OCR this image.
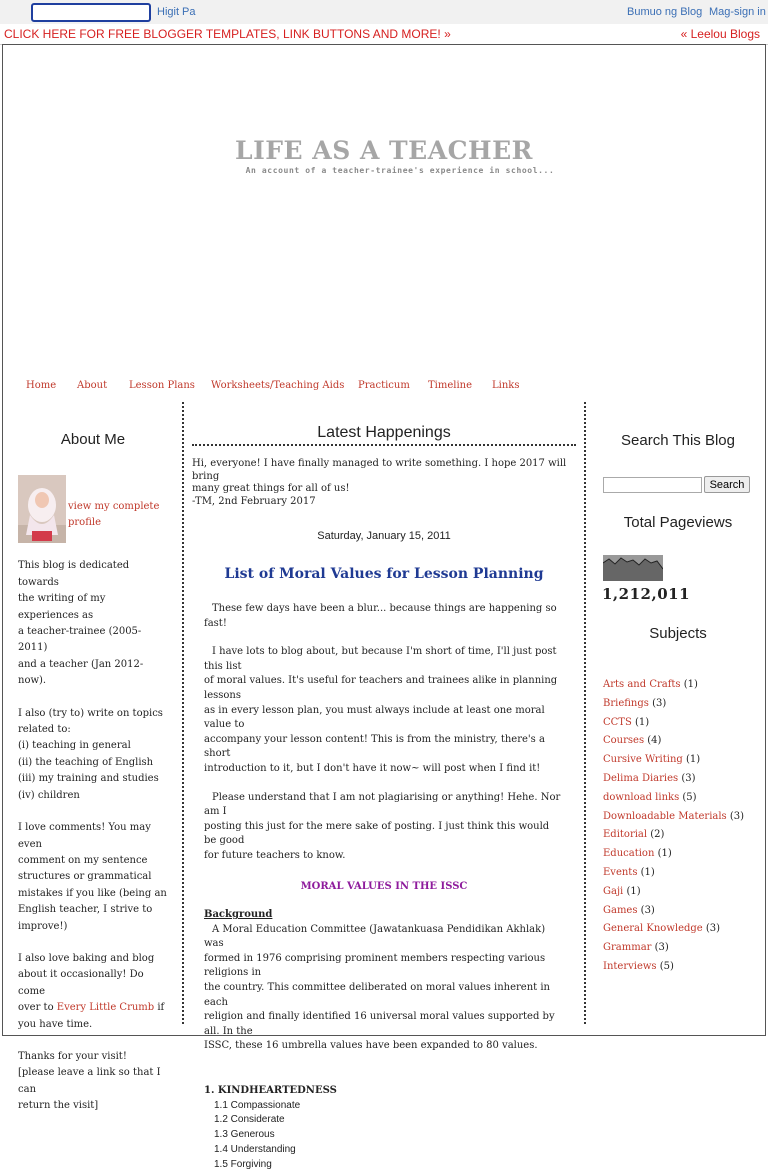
Higit Pa	Bumuo ng Blog Mag-sign in
CLICK HERE FOR FREE BLOGGER TEMPLATES, LINK BUTTONS AND MORE! »	« Leelou Blogs
LIFE AS A TEACHER
An account of a teacher-trainee's experience in school...
Home About Lesson Plans Worksheets/Teaching Aids Practicum Timeline Links
About Me
view my complete
profile
This blog is dedicated towards
the writing of my experiences as
a teacher-trainee (2005-2011)
and a teacher (Jan 2012-now).
I also (try to) write on topics
related to:
(i) teaching in general
(ii) the teaching of English
(iii) my training and studies
(iv) children
I love comments! You may even
comment on my sentence
structures or grammatical
mistakes if you like (being an
English teacher, I strive to
improve!)
I also love baking and blog
about it occasionally! Do come
over to Every Little Crumb if
you have time.
Thanks for your visit!
[please leave a link so that I can
return the visit]
Latest Happenings
Hi, everyone! I have finally managed to write something. I hope 2017 will bring
many great things for all of us!
-TM, 2nd February 2017
Saturday, January 15, 2011
List of Moral Values for Lesson Planning
These few days have been a blur... because things are happening so fast!
I have lots to blog about, but because I'm short of time, I'll just post this list
of moral values. It's useful for teachers and trainees alike in planning lessons
as in every lesson plan, you must always include at least one moral value to
accompany your lesson content! This is from the ministry, there's a short
introduction to it, but I don't have it now~ will post when I find it!
Please understand that I am not plagiarising or anything! Hehe. Nor am I
posting this just for the mere sake of posting. I just think this would be good
for future teachers to know.
MORAL VALUES IN THE ISSC
Background
A Moral Education Committee (Jawatankuasa Pendidikan Akhlak) was
formed in 1976 comprising prominent members respecting various religions in
the country. This committee deliberated on moral values inherent in each
religion and finally identified 16 universal moral values supported by all. In the
ISSC, these 16 umbrella values have been expanded to 80 values.
1. KINDHEARTEDNESS
1.1 Compassionate
1.2 Considerate
1.3 Generous
1.4 Understanding
1.5 Forgiving
Search This Blog
Search
Total Pageviews
1,212,011
Subjects
Arts and Crafts (1)
Briefings (3)
CCTS (1)
Courses (4)
Cursive Writing (1)
Delima Diaries (3)
download links (5)
Downloadable Materials (3)
Editorial (2)
Education (1)
Events (1)
Gaji (1)
Games (3)
General Knowledge (3)
Grammar (3)
Interviews (5)
